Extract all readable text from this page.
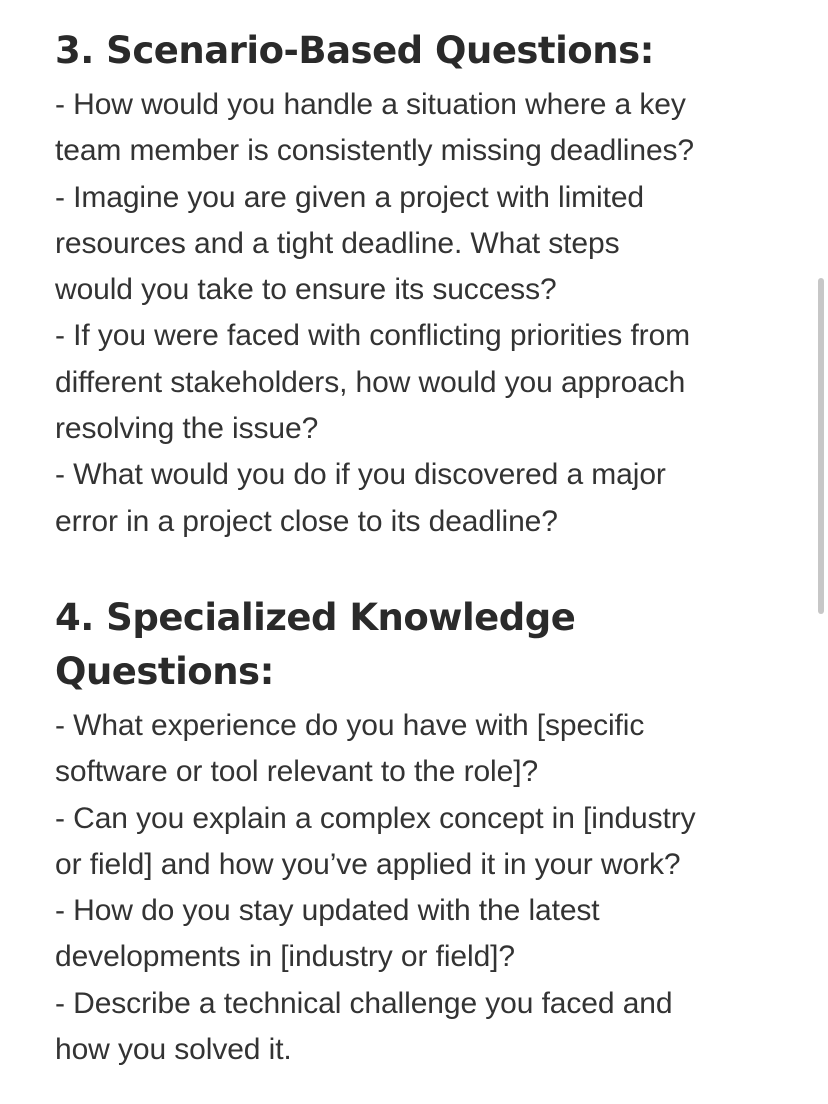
3. Scenario-Based Questions:
- How would you handle a situation where a key
team member is consistently missing deadlines?
- Imagine you are given a project with limited
resources and a tight deadline. What steps
would you take to ensure its success?
- If you were faced with conflicting priorities from
different stakeholders, how would you approach
resolving the issue?
- What would you do if you discovered a major
error in a project close to its deadline?
4. Specialized Knowledge
Questions:
- What experience do you have with [specific
software or tool relevant to the role]?
- Can you explain a complex concept in [industry
or field] and how you’ve applied it in your work?
- How do you stay updated with the latest
developments in [industry or field]?
- Describe a technical challenge you faced and
how you solved it.
